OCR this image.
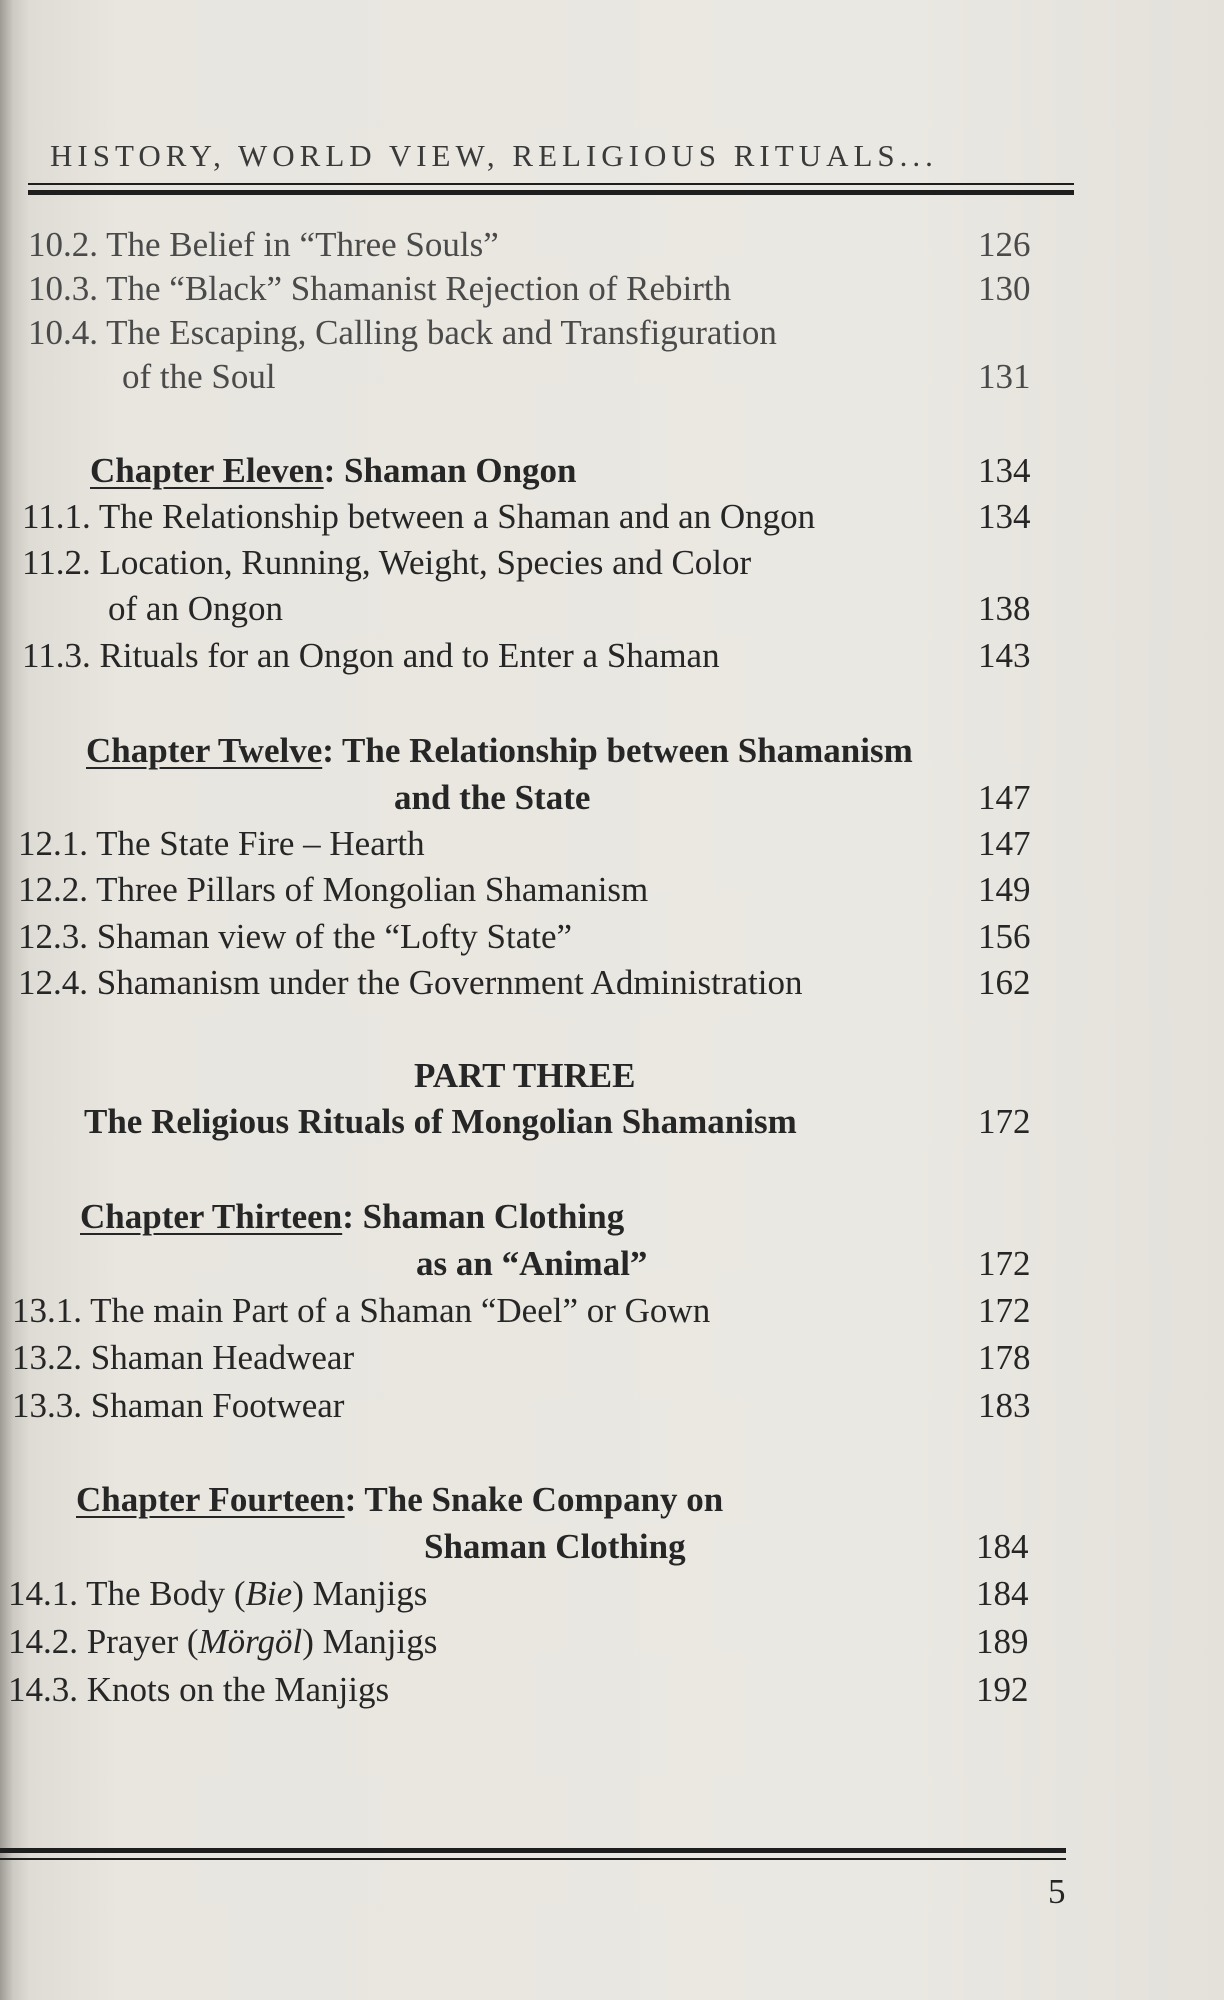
HISTORY, WORLD VIEW, RELIGIOUS RITUALS...
10.2. The Belief in “Three Souls”	126
10.3. The “Black” Shamanist Rejection of Rebirth	130
10.4. The Escaping, Calling back and Transfiguration
of the Soul	131
Chapter Eleven: Shaman Ongon	134
11.1. The Relationship between a Shaman and an Ongon	134
11.2. Location, Running, Weight, Species and Color
of an Ongon	138
11.3. Rituals for an Ongon and to Enter a Shaman	143
Chapter Twelve: The Relationship between Shamanism
and the State	147
12.1. The State Fire – Hearth	147
12.2. Three Pillars of Mongolian Shamanism	149
12.3. Shaman view of the “Lofty State”	156
12.4. Shamanism under the Government Administration	162
PART THREE
The Religious Rituals of Mongolian Shamanism	172
Chapter Thirteen: Shaman Clothing
as an “Animal”	172
13.1. The main Part of a Shaman “Deel” or Gown	172
13.2. Shaman Headwear	178
13.3. Shaman Footwear	183
Chapter Fourteen: The Snake Company on
Shaman Clothing	184
14.1. The Body (Bie) Manjigs	184
14.2. Prayer (Mörgöl) Manjigs	189
14.3. Knots on the Manjigs	192
5
